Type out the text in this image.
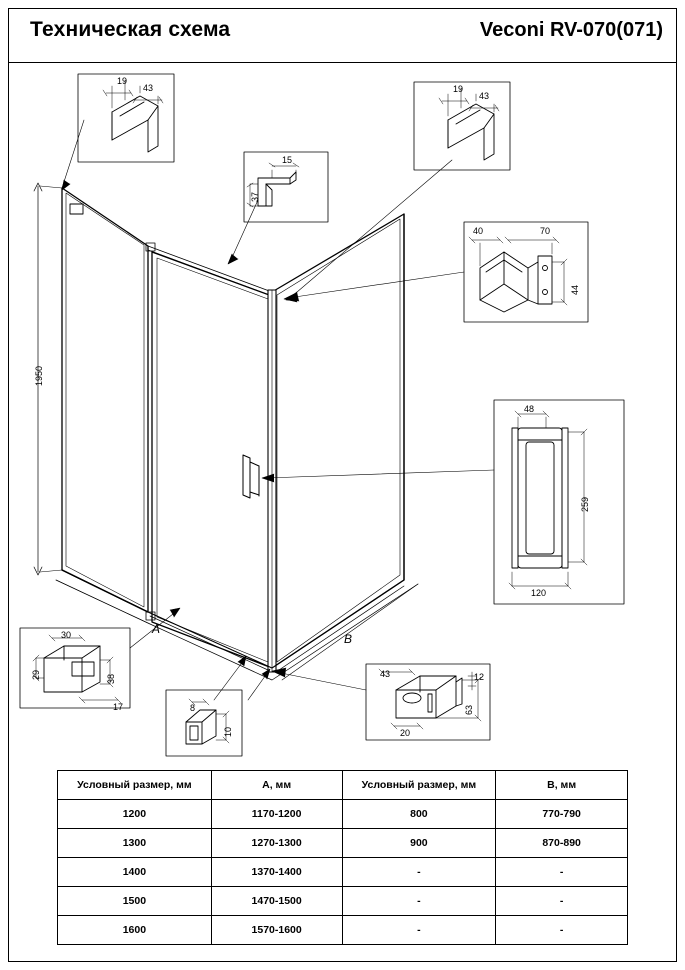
Техническая схема	Veconi RV-070(071)
1950
A
B
19
43	19
43
15
37
40	70
44
48
259
120
30
29	38
17	8
10
43	12
63
20
Условный размер, мм	A, мм	Условный размер, мм	B, мм
1200	1170-1200	800	770-790
1300	1270-1300	900	870-890
1400	1370-1400	-	-
1500	1470-1500	-	-
1600	1570-1600	-	-
